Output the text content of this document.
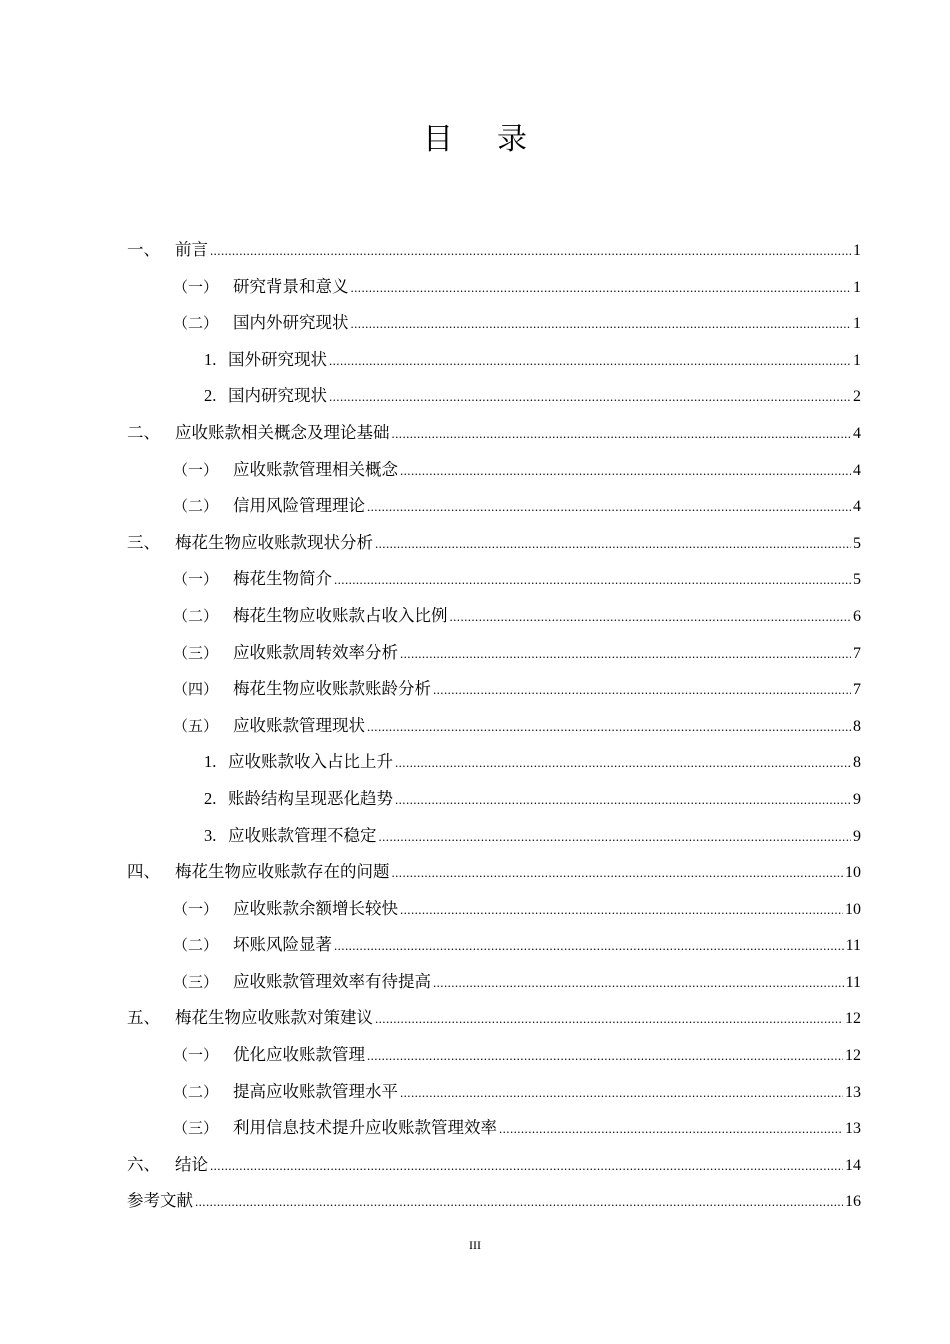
目录
一、 前言 .....	1
（一） 研究背景和意义 .....	1
（二） 国内外研究现状 .....	1
1. 国外研究现状 .....	1
2. 国内研究现状 .....	2
二、 应收账款相关概念及理论基础 .....	4
（一） 应收账款管理相关概念 .....	4
（二） 信用风险管理理论 .....	4
三、 梅花生物应收账款现状分析 .....	5
（一） 梅花生物简介 .....	5
（二） 梅花生物应收账款占收入比例 .....	6
（三） 应收账款周转效率分析 .....	7
（四） 梅花生物应收账款账龄分析 .....	7
（五） 应收账款管理现状 .....	8
1. 应收账款收入占比上升 .....	8
2. 账龄结构呈现恶化趋势 .....	9
3. 应收账款管理不稳定 .....	9
四、 梅花生物应收账款存在的问题 .....	10
（一） 应收账款余额增长较快 .....	10
（二） 坏账风险显著 .....	11
（三） 应收账款管理效率有待提高 .....	11
五、 梅花生物应收账款对策建议 .....	12
（一） 优化应收账款管理 .....	12
（二） 提高应收账款管理水平 .....	13
（三） 利用信息技术提升应收账款管理效率 .....	13
六、 结论 .....	14
参考文献 .....	16
III
